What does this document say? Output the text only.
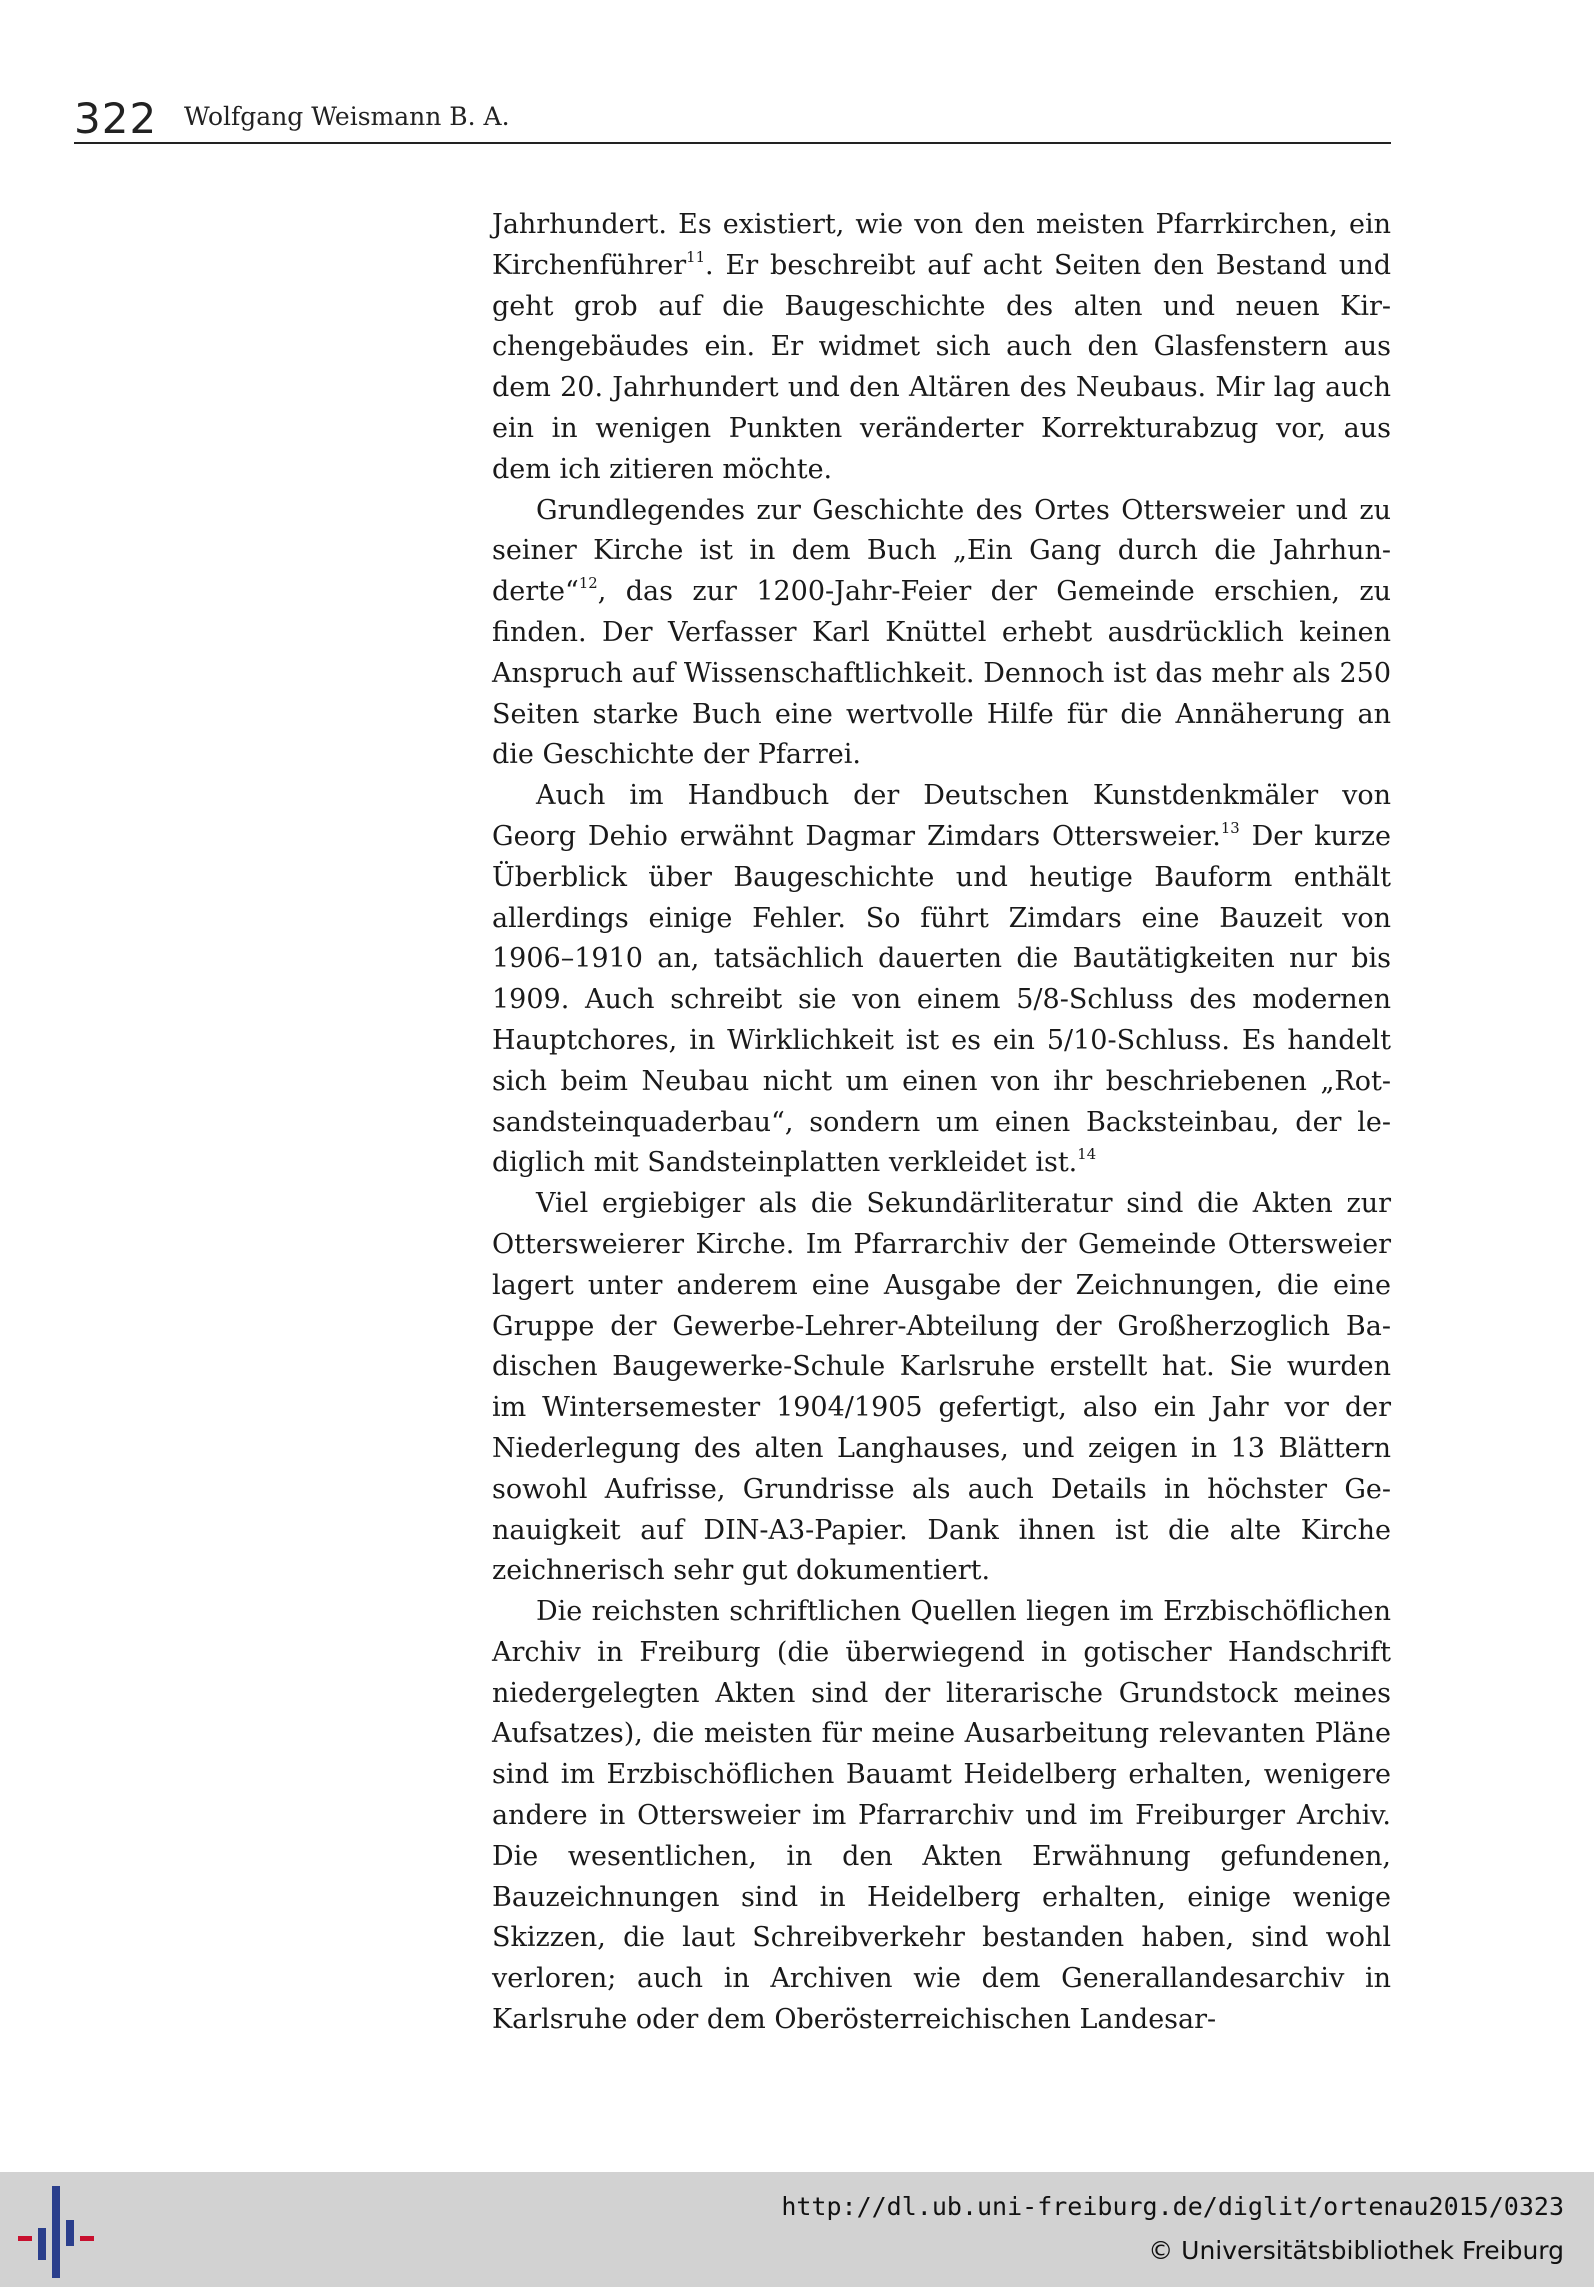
322 Wolfgang Weismann B. A.

Jahrhundert. Es existiert, wie von den meisten Pfarrkirchen, ein Kirchenführer$^{11}$. Er beschreibt auf acht Seiten den Bestand und geht grob auf die Baugeschichte des alten und neuen Kirchengebäudes ein. Er widmet sich auch den Glasfenstern aus dem 20. Jahrhundert und den Altären des Neubaus. Mir lag auch ein in wenigen Punkten veränderter Korrekturabzug vor, aus dem ich zitieren möchte.

Grundlegendes zur Geschichte des Ortes Ottersweier und zu seiner Kirche ist in dem Buch „Ein Gang durch die Jahrhunderte“$^{12}$, das zur 1200-Jahr-Feier der Gemeinde erschien, zu finden. Der Verfasser Karl Knüttel erhebt ausdrücklich keinen Anspruch auf Wissenschaftlichkeit. Dennoch ist das mehr als 250 Seiten starke Buch eine wertvolle Hilfe für die Annäherung an die Geschichte der Pfarrei.

Auch im Handbuch der Deutschen Kunstdenkmäler von Georg Dehio erwähnt Dagmar Zimdars Ottersweier.$^{13}$ Der kurze Überblick über Baugeschichte und heutige Bauform enthält allerdings einige Fehler. So führt Zimdars eine Bauzeit von 1906–1910 an, tatsächlich dauerten die Bautätigkeiten nur bis 1909. Auch schreibt sie von einem 5/8-Schluss des modernen Hauptchores, in Wirklichkeit ist es ein 5/10-Schluss. Es handelt sich beim Neubau nicht um einen von ihr beschriebenen „Rotsandsteinquaderbau“, sondern um einen Backsteinbau, der lediglich mit Sandsteinplatten verkleidet ist.$^{14}$

Viel ergiebiger als die Sekundärliteratur sind die Akten zur Ottersweierer Kirche. Im Pfarrarchiv der Gemeinde Ottersweier lagert unter anderem eine Ausgabe der Zeichnungen, die eine Gruppe der Gewerbe-Lehrer-Abteilung der Großherzoglich Badischen Baugewerke-Schule Karlsruhe erstellt hat. Sie wurden im Wintersemester 1904/1905 gefertigt, also ein Jahr vor der Niederlegung des alten Langhauses, und zeigen in 13 Blättern sowohl Aufrisse, Grundrisse als auch Details in höchster Genauigkeit auf DIN-A3-Papier. Dank ihnen ist die alte Kirche zeichnerisch sehr gut dokumentiert.

Die reichsten schriftlichen Quellen liegen im Erzbischöflichen Archiv in Freiburg (die überwiegend in gotischer Handschrift niedergelegten Akten sind der literarische Grundstock meines Aufsatzes), die meisten für meine Ausarbeitung relevanten Pläne sind im Erzbischöflichen Bauamt Heidelberg erhalten, wenigere andere in Ottersweier im Pfarrarchiv und im Freiburger Archiv. Die wesentlichen, in den Akten Erwähnung gefundenen, Bauzeichnungen sind in Heidelberg erhalten, einige wenige Skizzen, die laut Schreibverkehr bestanden haben, sind wohl verloren; auch in Archiven wie dem Generallandesarchiv in Karlsruhe oder dem Oberösterreichischen Landesar-

http://dl.ub.uni-freiburg.de/diglit/ortenau2015/0323
© Universitätsbibliothek Freiburg
